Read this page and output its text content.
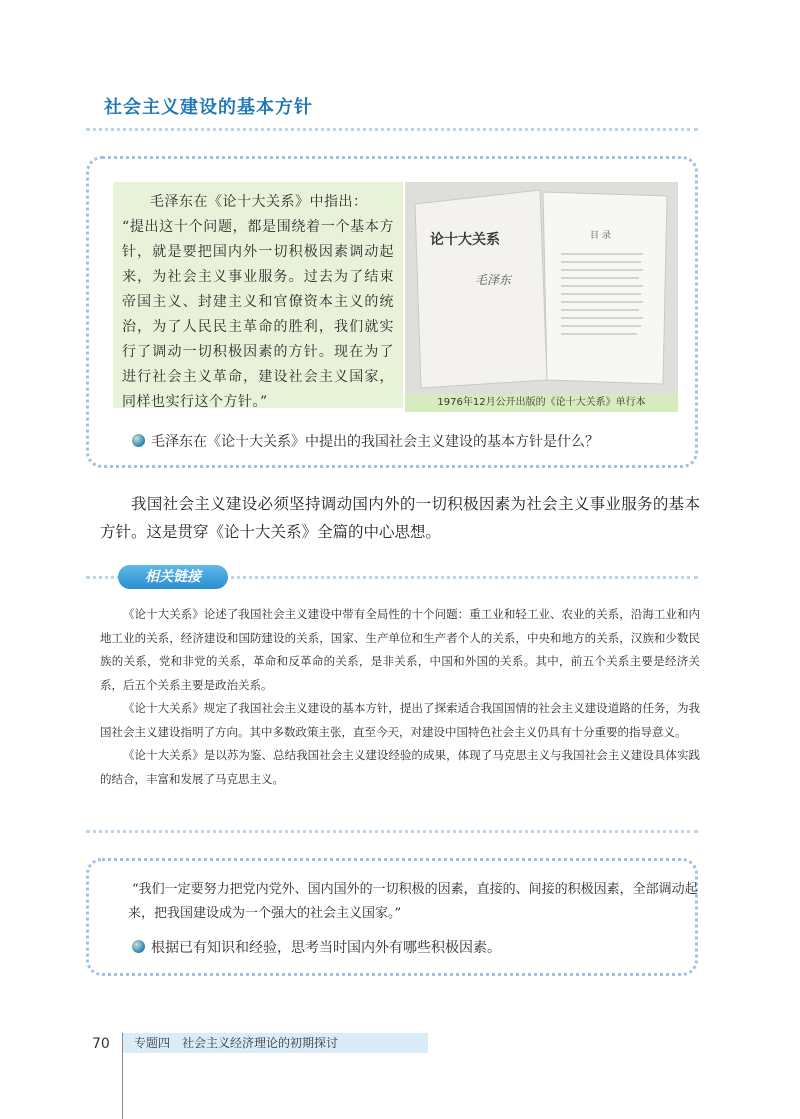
社会主义建设的基本方针
毛泽东在《论十大关系》中指出：
“提出这十个问题，都是围绕着一个基本方针，就是要把国内外一切积极因素调动起来，为社会主义事业服务。过去为了结束帝国主义、封建主义和官僚资本主义的统治，为了人民民主革命的胜利，我们就实行了调动一切积极因素的方针。现在为了进行社会主义革命，建设社会主义国家，同样也实行这个方针。”
论十大关系
毛泽东
目 录
1976年12月公开出版的《论十大关系》单行本
毛泽东在《论十大关系》中提出的我国社会主义建设的基本方针是什么？
我国社会主义建设必须坚持调动国内外的一切积极因素为社会主义事业服务的基本方针。这是贯穿《论十大关系》全篇的中心思想。
相关链接

《论十大关系》论述了我国社会主义建设中带有全局性的十个问题：重工业和轻工业、农业的关系，沿海工业和内地工业的关系，经济建设和国防建设的关系，国家、生产单位和生产者个人的关系，中央和地方的关系，汉族和少数民族的关系，党和非党的关系，革命和反革命的关系，是非关系，中国和外国的关系。其中，前五个关系主要是经济关系，后五个关系主要是政治关系。

《论十大关系》规定了我国社会主义建设的基本方针，提出了探索适合我国国情的社会主义建设道路的任务，为我国社会主义建设指明了方向。其中多数政策主张，直至今天，对建设中国特色社会主义仍具有十分重要的指导意义。

《论十大关系》是以苏为鉴、总结我国社会主义建设经验的成果，体现了马克思主义与我国社会主义建设具体实践的结合，丰富和发展了马克思主义。

“我们一定要努力把党内党外、国内国外的一切积极的因素，直接的、间接的积极因素，全部调动起来，把我国建设成为一个强大的社会主义国家。”
根据已有知识和经验，思考当时国内外有哪些积极因素。
70 专题四　社会主义经济理论的初期探讨
